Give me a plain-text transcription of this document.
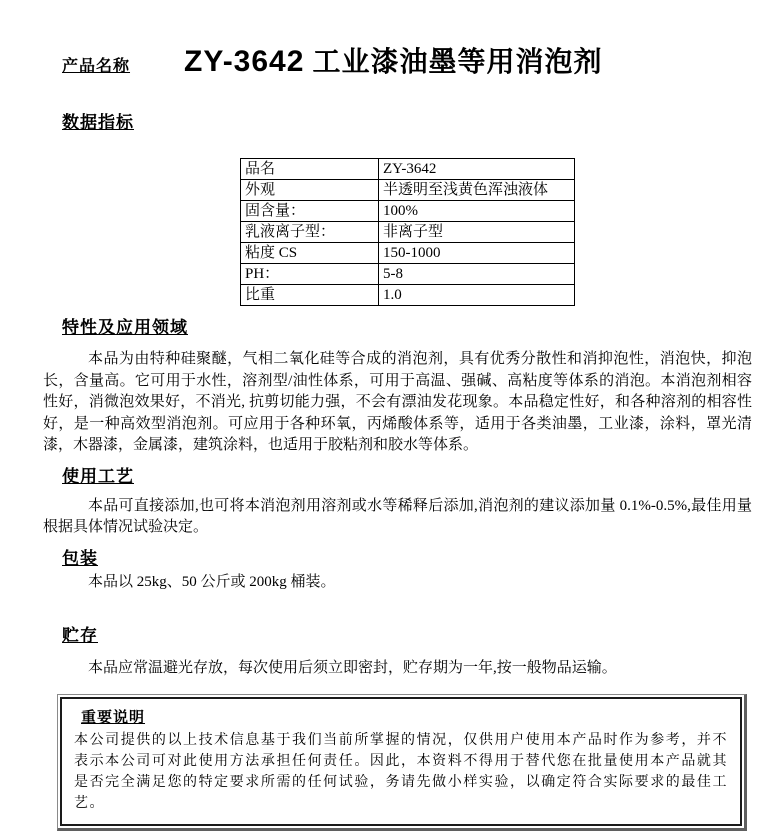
产品名称 ZY-3642 工业漆油墨等用消泡剂
数据指标
品名	ZY-3642
外观	半透明至浅黄色浑浊液体
固含量：	100%
乳液离子型：	非离子型
粘度 CS	150-1000
PH：	5-8
比重	1.0
特性及应用领域

本品为由特种硅聚醚，气相二氧化硅等合成的消泡剂，具有优秀分散性和消抑泡性，消泡快，抑泡长，含量高。它可用于水性，溶剂型/油性体系，可用于高温、强碱、高粘度等体系的消泡。本消泡剂相容性好，消微泡效果好，不消光, 抗剪切能力强，不会有漂油发花现象。本品稳定性好，和各种溶剂的相容性好，是一种高效型消泡剂。可应用于各种环氧，丙烯酸体系等，适用于各类油墨，工业漆，涂料，罩光清漆，木器漆，金属漆，建筑涂料，也适用于胶粘剂和胶水等体系。

使用工艺

本品可直接添加,也可将本消泡剂用溶剂或水等稀释后添加,消泡剂的建议添加量 0.1%-0.5%,最佳用量根据具体情况试验决定。

包装

本品以 25kg、50 公斤或 200kg 桶装。

贮存

本品应常温避光存放，每次使用后须立即密封，贮存期为一年,按一般物品运输。

重要说明
本公司提供的以上技术信息基于我们当前所掌握的情况，仅供用户使用本产品时作为参考，并不表示本公司可对此使用方法承担任何责任。因此，本资料不得用于替代您在批量使用本产品就其是否完全满足您的特定要求所需的任何试验，务请先做小样实验，以确定符合实际要求的最佳工艺。
